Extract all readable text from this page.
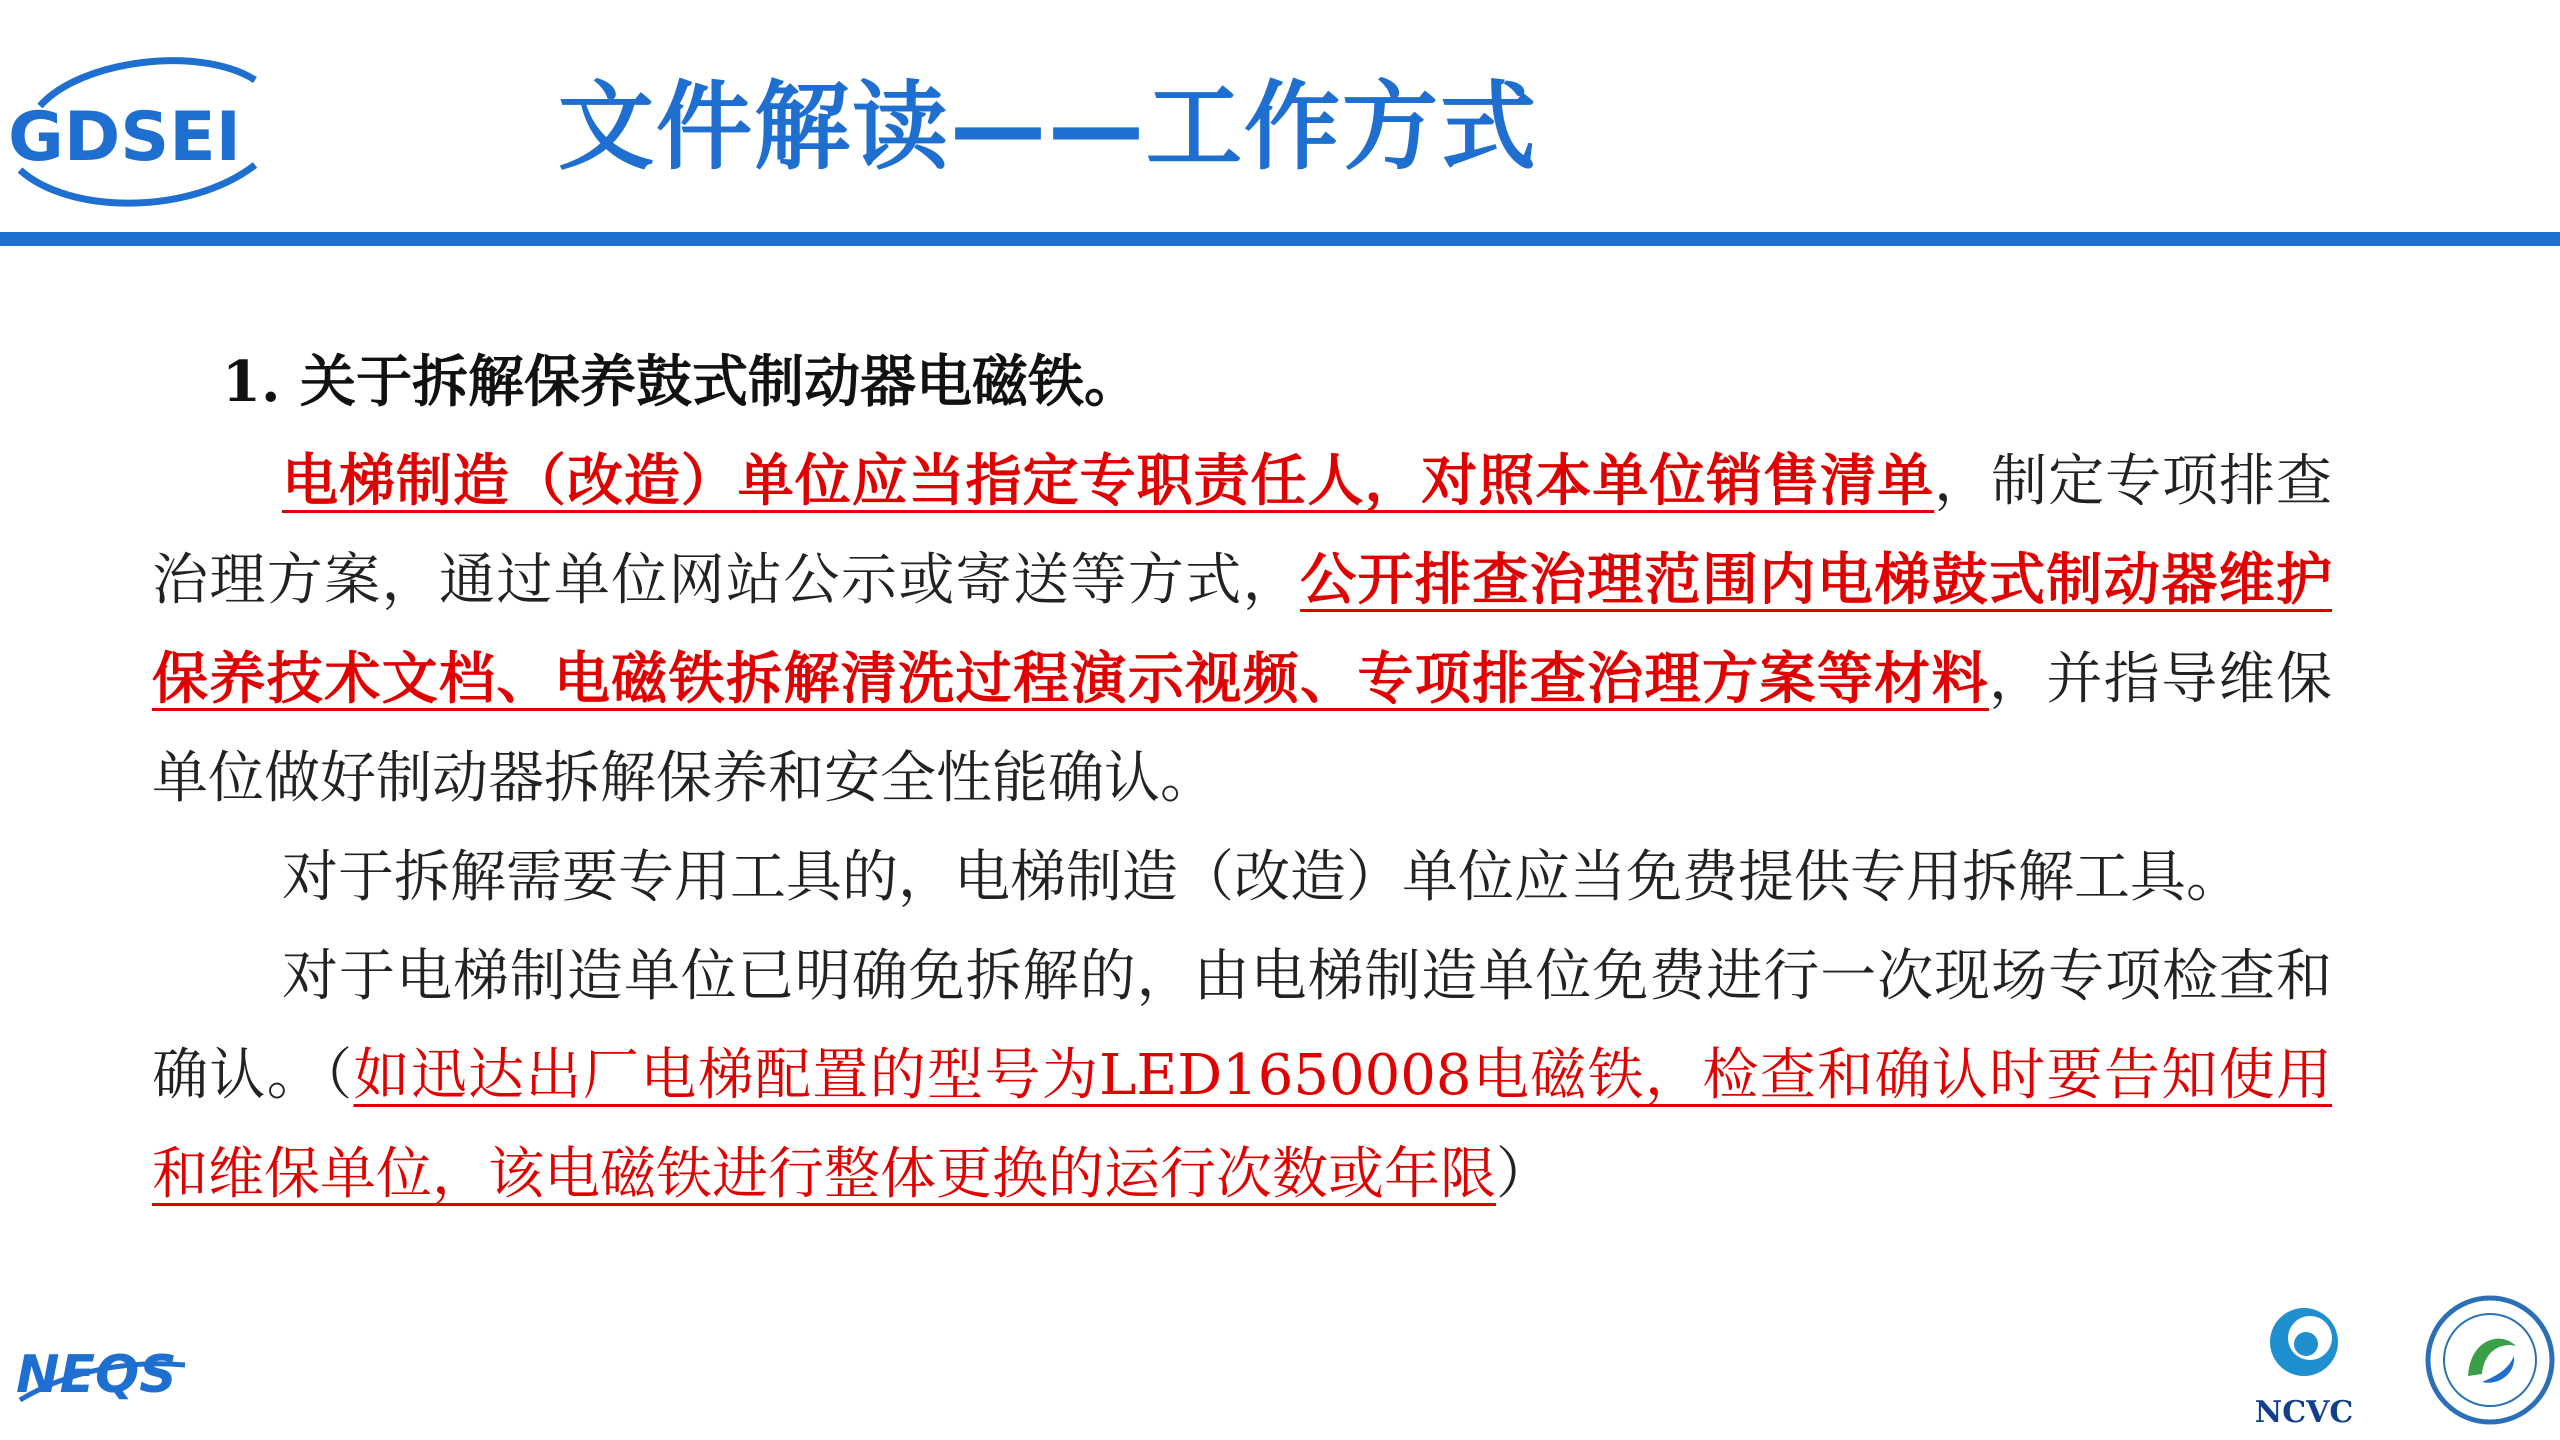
GDSEI	文件解读——工作方式

1. 关于拆解保养鼓式制动器电磁铁。

电梯制造（改造）单位应当指定专职责任人，对照本单位销售清单，制定专项排查治理方案，通过单位网站公示或寄送等方式，公开排查治理范围内电梯鼓式制动器维护保养技术文档、电磁铁拆解清洗过程演示视频、专项排查治理方案等材料，并指导维保单位做好制动器拆解保养和安全性能确认。

对于拆解需要专用工具的，电梯制造（改造）单位应当免费提供专用拆解工具。

对于电梯制造单位已明确免拆解的，由电梯制造单位免费进行一次现场专项检查和确认。（如迅达出厂电梯配置的型号为LED1650008电磁铁，检查和确认时要告知使用和维保单位，该电磁铁进行整体更换的运行次数或年限）

NEQS
NCVC
